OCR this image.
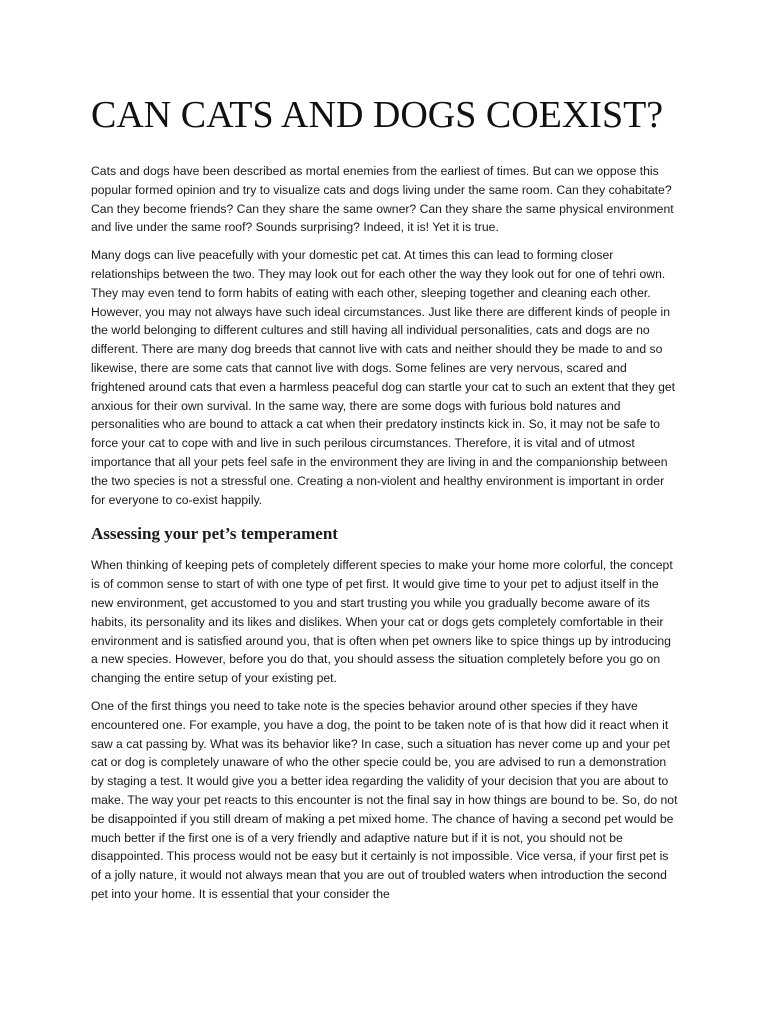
CAN CATS AND DOGS COEXIST?

Cats and dogs have been described as mortal enemies from the earliest of times. But can we oppose this popular formed opinion and try to visualize cats and dogs living under the same room. Can they cohabitate? Can they become friends? Can they share the same owner? Can they share the same physical environment and live under the same roof? Sounds surprising? Indeed, it is! Yet it is true.

Many dogs can live peacefully with your domestic pet cat. At times this can lead to forming closer relationships between the two. They may look out for each other the way they look out for one of tehri own. They may even tend to form habits of eating with each other, sleeping together and cleaning each other. However, you may not always have such ideal circumstances. Just like there are different kinds of people in the world belonging to different cultures and still having all individual personalities, cats and dogs are no different. There are many dog breeds that cannot live with cats and neither should they be made to and so likewise, there are some cats that cannot live with dogs. Some felines are very nervous, scared and frightened around cats that even a harmless peaceful dog can startle your cat to such an extent that they get anxious for their own survival. In the same way, there are some dogs with furious bold natures and personalities who are bound to attack a cat when their predatory instincts kick in. So, it may not be safe to force your cat to cope with and live in such perilous circumstances. Therefore, it is vital and of utmost importance that all your pets feel safe in the environment they are living in and the companionship between the two species is not a stressful one. Creating a non-violent and healthy environment is important in order for everyone to co-exist happily.

Assessing your pet’s temperament

When thinking of keeping pets of completely different species to make your home more colorful, the concept is of common sense to start of with one type of pet first. It would give time to your pet to adjust itself in the new environment, get accustomed to you and start trusting you while you gradually become aware of its habits, its personality and its likes and dislikes. When your cat or dogs gets completely comfortable in their environment and is satisfied around you, that is often when pet owners like to spice things up by introducing a new species. However, before you do that, you should assess the situation completely before you go on changing the entire setup of your existing pet.

One of the first things you need to take note is the species behavior around other species if they have encountered one. For example, you have a dog, the point to be taken note of is that how did it react when it saw a cat passing by. What was its behavior like? In case, such a situation has never come up and your pet cat or dog is completely unaware of who the other specie could be, you are advised to run a demonstration by staging a test. It would give you a better idea regarding the validity of your decision that you are about to make. The way your pet reacts to this encounter is not the final say in how things are bound to be. So, do not be disappointed if you still dream of making a pet mixed home. The chance of having a second pet would be much better if the first one is of a very friendly and adaptive nature but if it is not, you should not be disappointed. This process would not be easy but it certainly is not impossible. Vice versa, if your first pet is of a jolly nature, it would not always mean that you are out of troubled waters when introduction the second pet into your home. It is essential that your consider the
